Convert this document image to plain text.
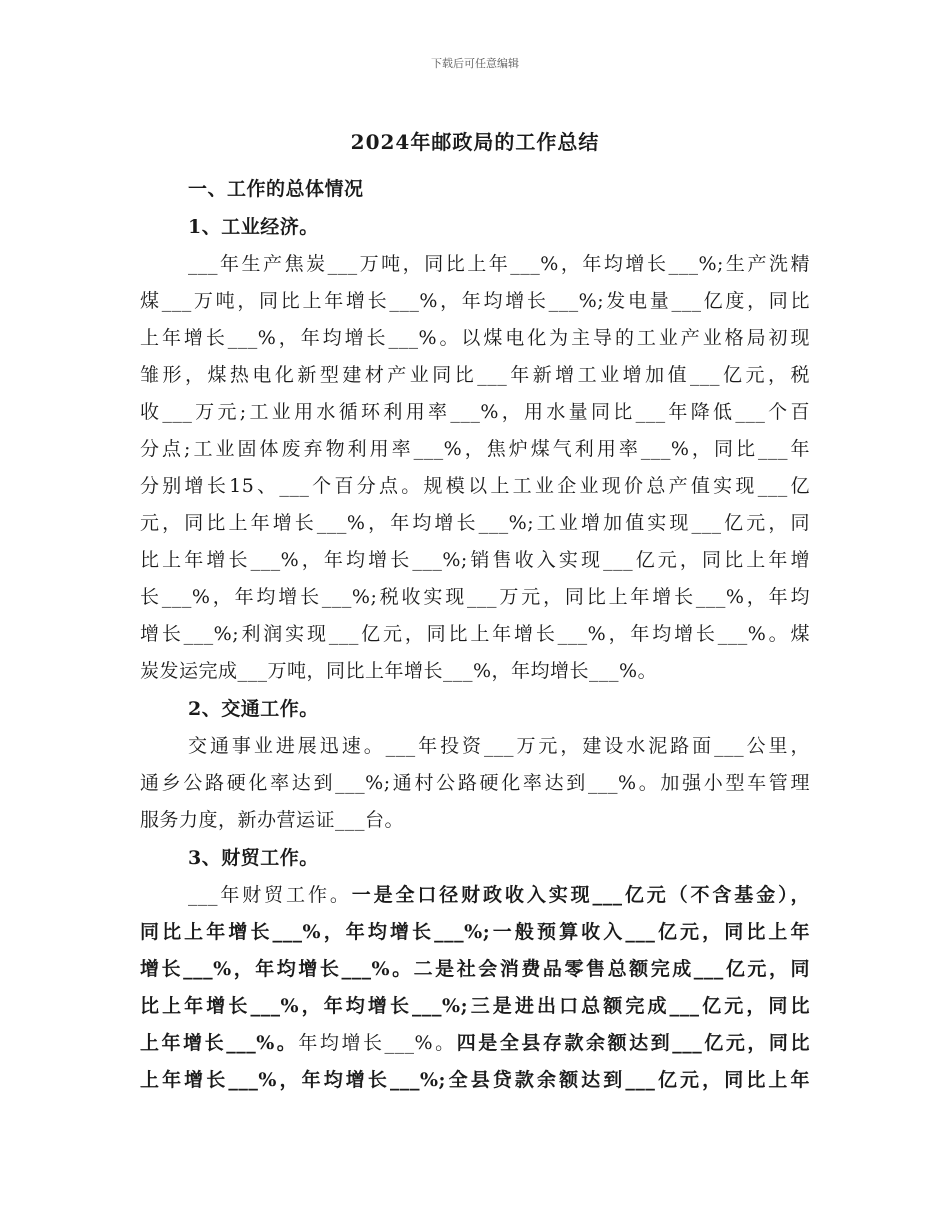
下载后可任意编辑
2024年邮政局的工作总结
一、工作的总体情况
1、工业经济。
___年生产焦炭___万吨，同比上年___%，年均增长___%;生产洗精
煤___万吨，同比上年增长___%，年均增长___%;发电量___亿度，同比
上年增长___%，年均增长___%。以煤电化为主导的工业产业格局初现
雏形，煤热电化新型建材产业同比___年新增工业增加值___亿元，税
收___万元;工业用水循环利用率___%，用水量同比___年降低___个百
分点;工业固体废弃物利用率___%，焦炉煤气利用率___%，同比___年
分别增长15、___个百分点。规模以上工业企业现价总产值实现___亿
元，同比上年增长___%，年均增长___%;工业增加值实现___亿元，同
比上年增长___%，年均增长___%;销售收入实现___亿元，同比上年增
长___%，年均增长___%;税收实现___万元，同比上年增长___%，年均
增长___%;利润实现___亿元，同比上年增长___%，年均增长___%。煤
炭发运完成___万吨，同比上年增长___%，年均增长___%。
2、交通工作。
交通事业进展迅速。___年投资___万元，建设水泥路面___公里，
通乡公路硬化率达到___%;通村公路硬化率达到___%。加强小型车管理
服务力度，新办营运证___台。
3、财贸工作。
___年财贸工作。一是全口径财政收入实现___亿元（不含基金），
同比上年增长___%，年均增长___%;一般预算收入___亿元，同比上年
增长___%，年均增长___%。二是社会消费品零售总额完成___亿元，同
比上年增长___%，年均增长___%;三是进出口总额完成___亿元，同比
上年增长___%。年均增长___%。四是全县存款余额达到___亿元，同比
上年增长___%，年均增长___%;全县贷款余额达到___亿元，同比上年
